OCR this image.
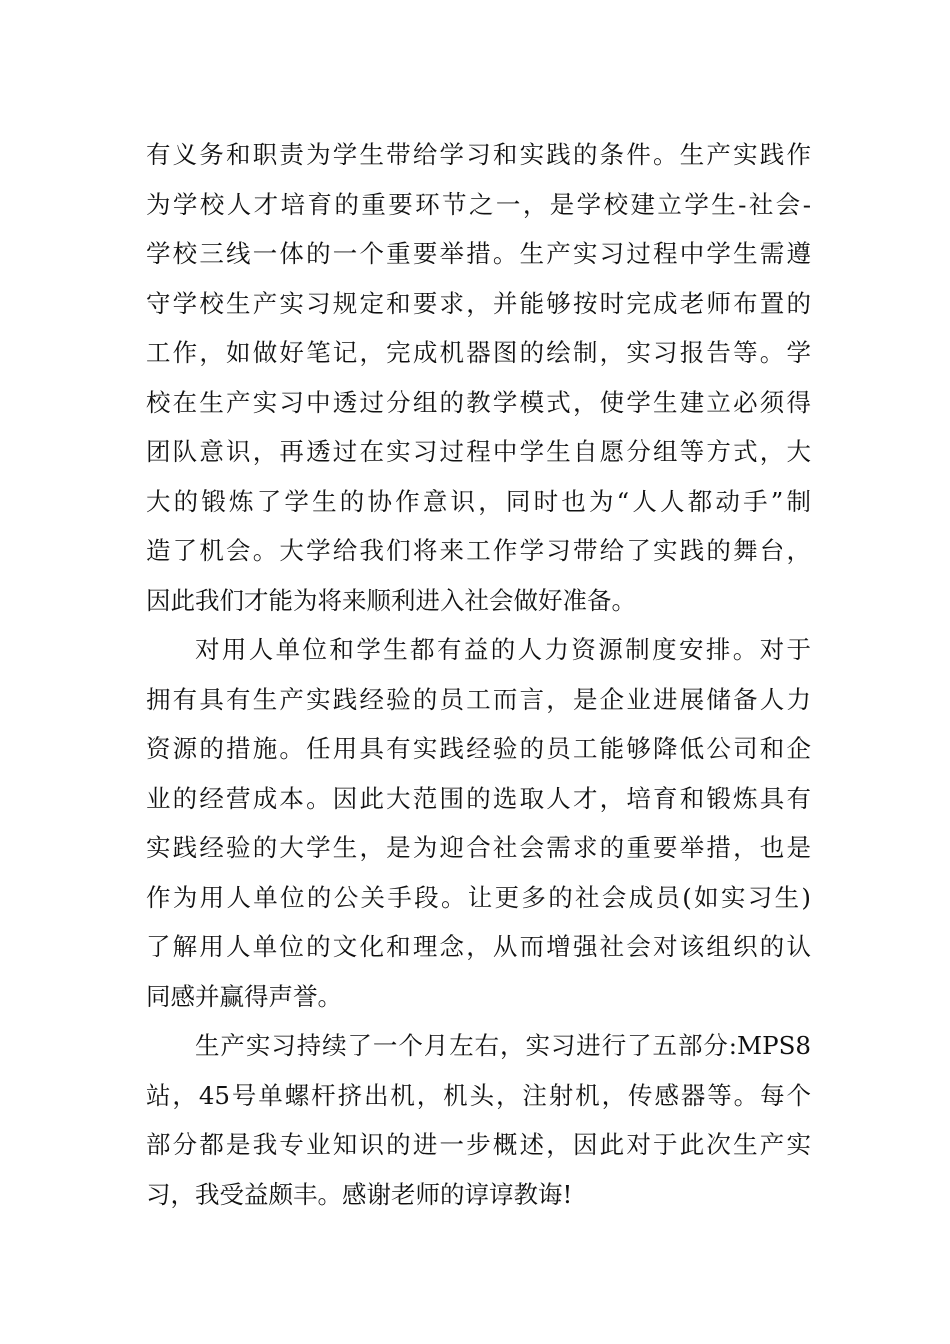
有义务和职责为学生带给学习和实践的条件。生产实践作
为学校人才培育的重要环节之一，是学校建立学生-社会-
学校三线一体的一个重要举措。生产实习过程中学生需遵
守学校生产实习规定和要求，并能够按时完成老师布置的
工作，如做好笔记，完成机器图的绘制，实习报告等。学
校在生产实习中透过分组的教学模式，使学生建立必须得
团队意识，再透过在实习过程中学生自愿分组等方式，大
大的锻炼了学生的协作意识，同时也为“人人都动手”制
造了机会。大学给我们将来工作学习带给了实践的舞台，
因此我们才能为将来顺利进入社会做好准备。
对用人单位和学生都有益的人力资源制度安排。对于
拥有具有生产实践经验的员工而言，是企业进展储备人力
资源的措施。任用具有实践经验的员工能够降低公司和企
业的经营成本。因此大范围的选取人才，培育和锻炼具有
实践经验的大学生，是为迎合社会需求的重要举措，也是
作为用人单位的公关手段。让更多的社会成员(如实习生)
了解用人单位的文化和理念，从而增强社会对该组织的认
同感并赢得声誉。
生产实习持续了一个月左右，实习进行了五部分:MPS8
站，45号单螺杆挤出机，机头，注射机，传感器等。每个
部分都是我专业知识的进一步概述，因此对于此次生产实
习，我受益颇丰。感谢老师的谆谆教诲!
